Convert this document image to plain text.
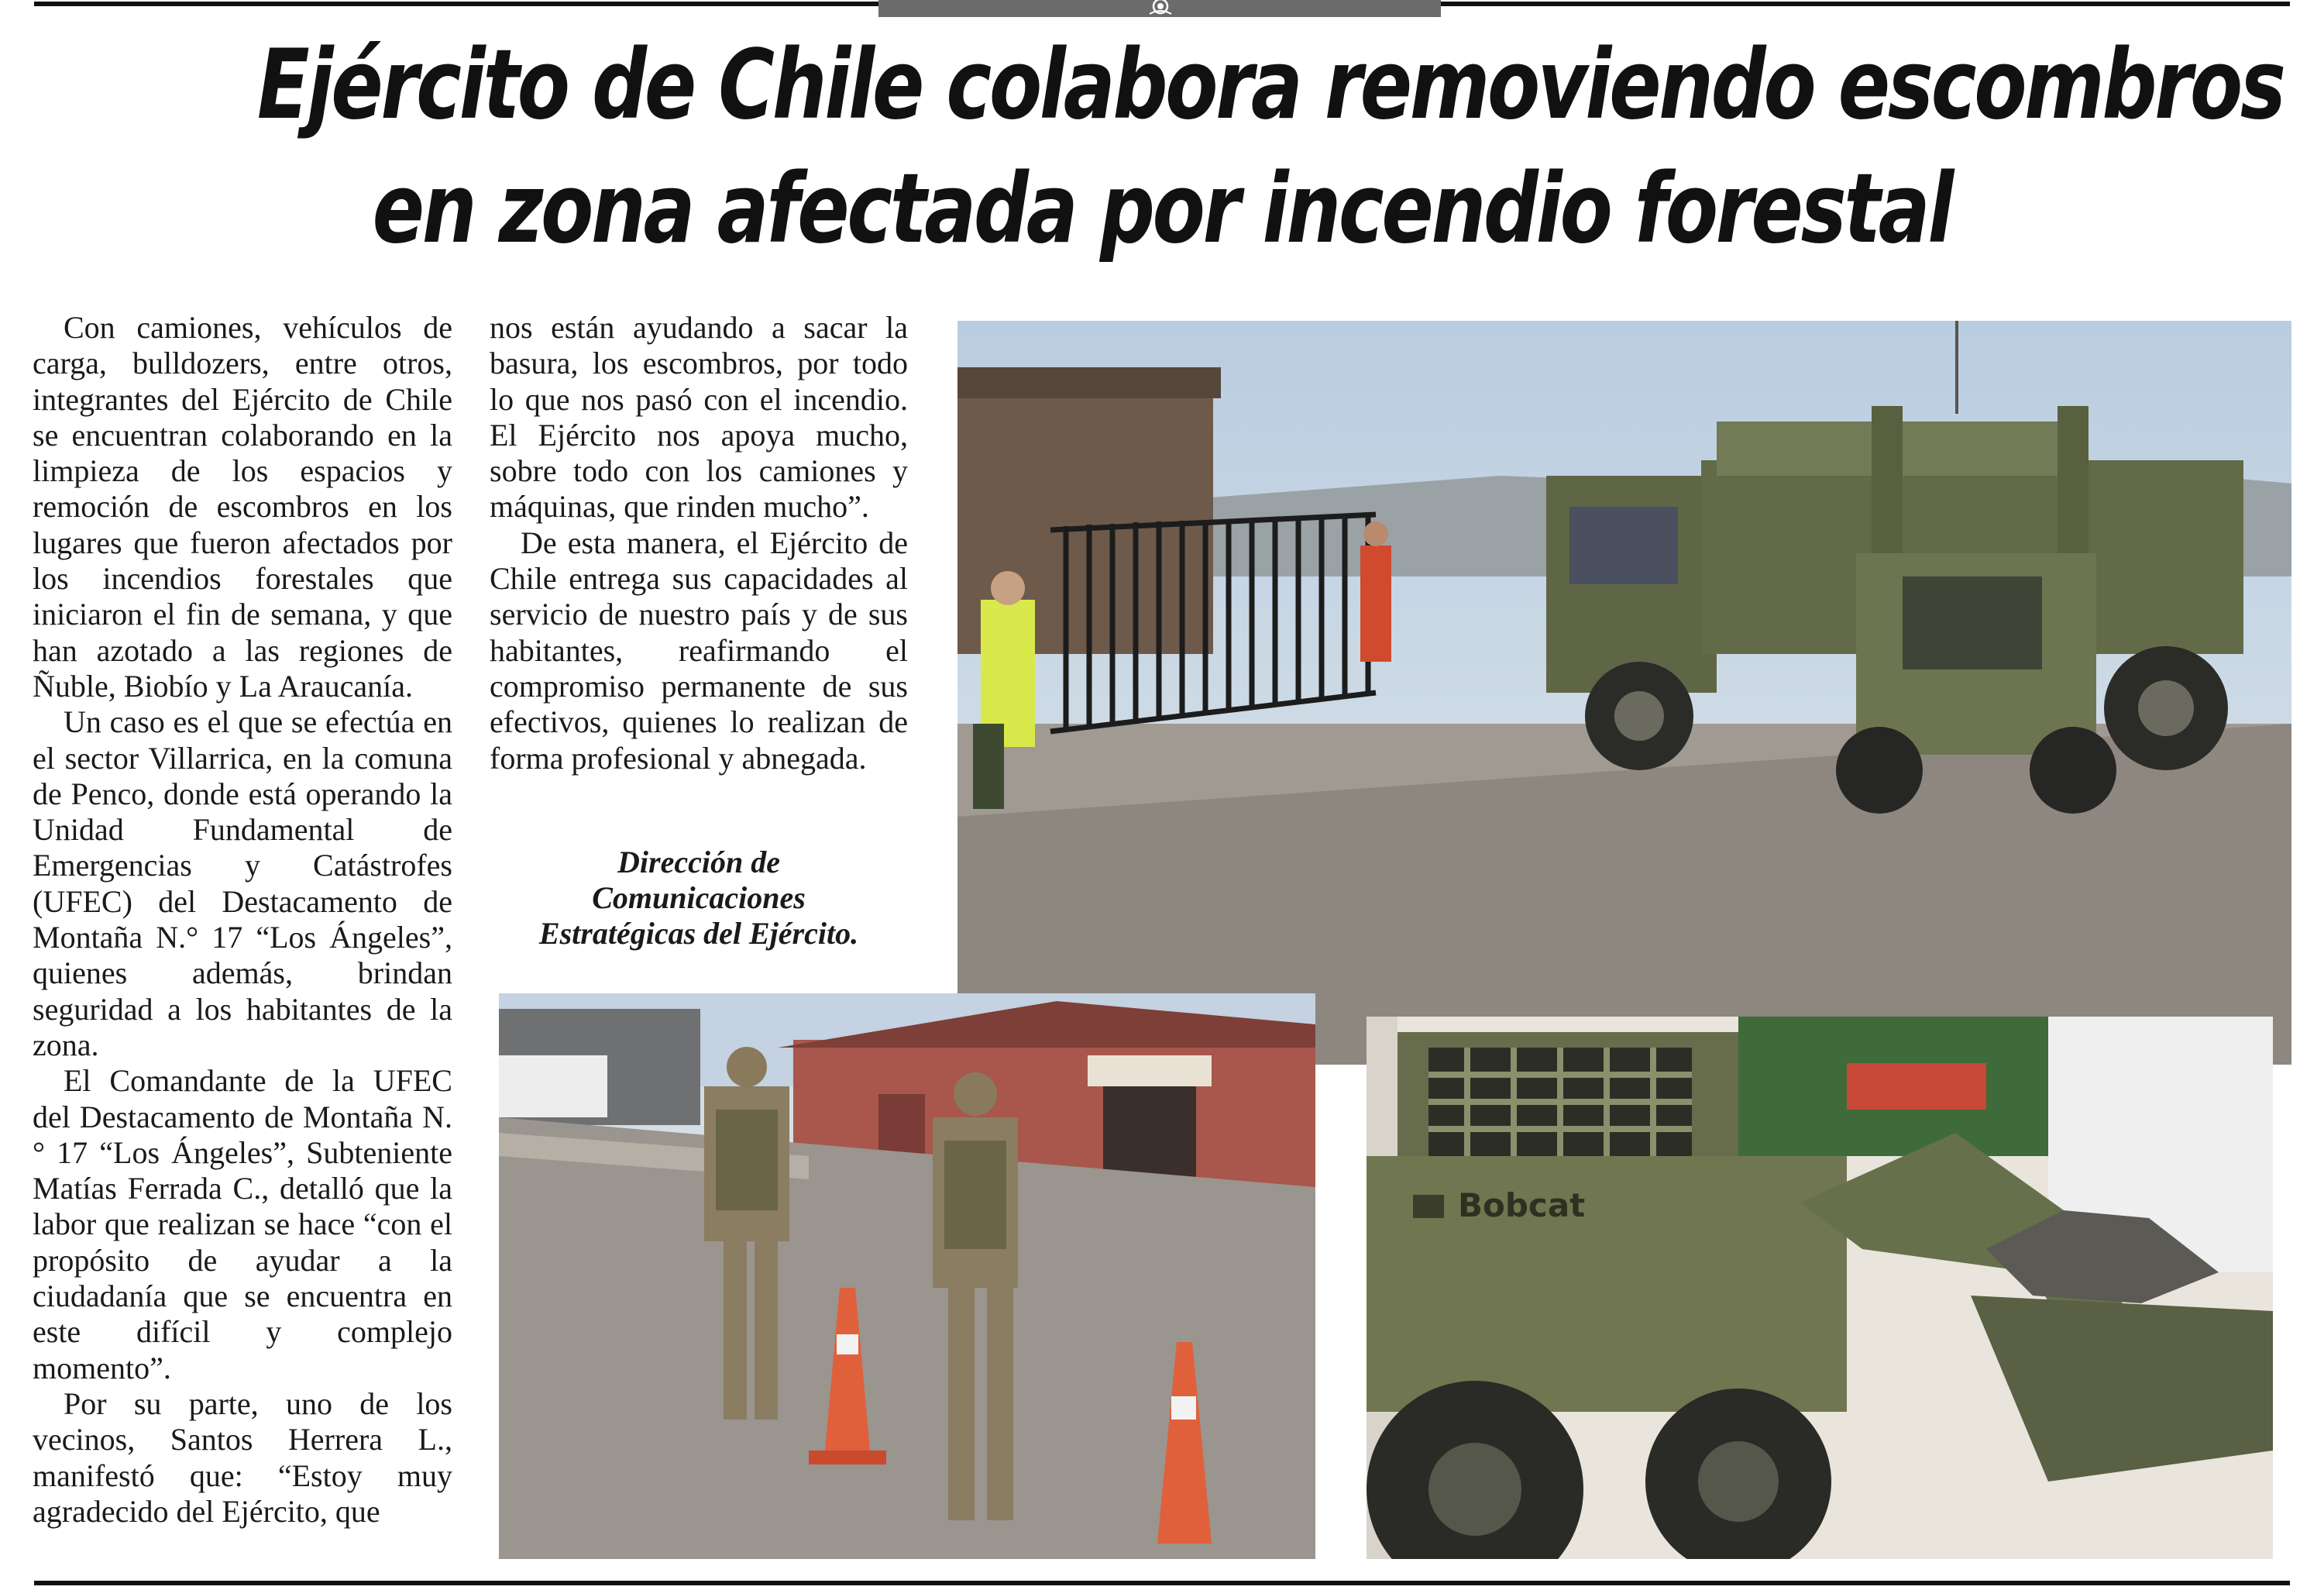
Ejército de Chile colabora removiendo escombros
en zona afectada por incendio forestal

Con camiones, vehículos de carga, bulldozers, entre otros, integrantes del Ejército de Chile se encuentran colaborando en la limpieza de los espacios y remoción de escombros en los lugares que fueron afectados por los incendios forestales que iniciaron el fin de semana, y que han azotado a las regiones de Ñuble, Biobío y La Araucanía.

Un caso es el que se efectúa en el sector Villarrica, en la comuna de Penco, donde está operando la Unidad Fundamental de Emergencias y Catástrofes (UFEC) del Destacamento de Montaña N.° 17 “Los Ángeles”, quienes además, brindan seguridad a los habitantes de la zona.

El Comandante de la UFEC del Destacamento de Montaña N.° 17 “Los Ángeles”, Subteniente Matías Ferrada C., detalló que la labor que realizan se hace “con el propósito de ayudar a la ciudadanía que se encuentra en este difícil y complejo momento”.

Por su parte, uno de los vecinos, Santos Herrera L., manifestó que: “Estoy muy agradecido del Ejército, que

nos están ayudando a sacar la basura, los escombros, por todo lo que nos pasó con el incendio. El Ejército nos apoya mucho, sobre todo con los camiones y máquinas, que rinden mucho”.

De esta manera, el Ejército de Chile entrega sus capacidades al servicio de nuestro país y de sus habitantes, reafirmando el compromiso permanente de sus efectivos, quienes lo realizan de forma profesional y abnegada.

Dirección de
Comunicaciones
Estratégicas del Ejército.
Bobcat
